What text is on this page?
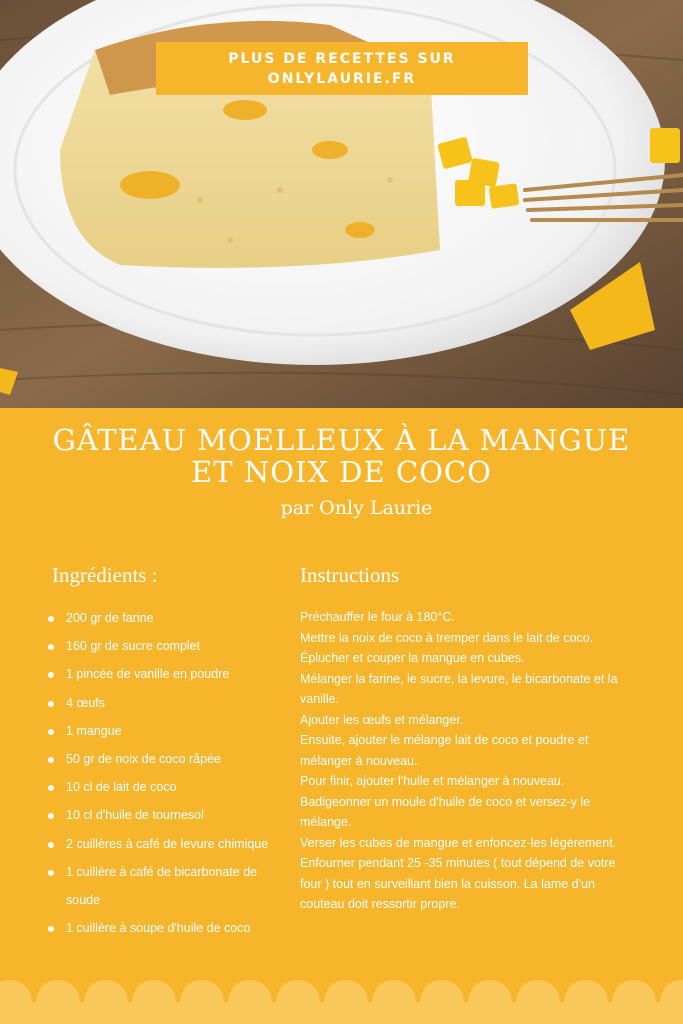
PLUS DE RECETTES SUR
ONLYLAURIE.FR
GÂTEAU MOELLEUX À LA MANGUE
ET NOIX DE COCO
par Only Laurie
Ingrédients :
200 gr de farine
160 gr de sucre complet
1 pincée de vanille en poudre
4 œufs
1 mangue
50 gr de noix de coco râpée
10 cl de lait de coco
10 cl d'huile de tournesol
2 cuillères à café de levure chimique
1 cuillère à café de bicarbonate de soude
1 cuillère à soupe d'huile de coco
Instructions

Préchauffer le four à 180°C.

Mettre la noix de coco à tremper dans le lait de coco.

Éplucher et couper la mangue en cubes.

Mélanger la farine, le sucre, la levure, le bicarbonate et la vanille.

Ajouter les œufs et mélanger.

Ensuite, ajouter le mélange lait de coco et poudre et mélanger à nouveau.

Pour finir, ajouter l'huile et mélanger à nouveau.

Badigeonner un moule d'huile de coco et versez-y le mélange.

Verser les cubes de mangue et enfoncez-les légèrement.

Enfourner pendant 25 -35 minutes ( tout dépend de votre four ) tout en surveillant bien la cuisson. La lame d'un couteau doit ressortir propre.
